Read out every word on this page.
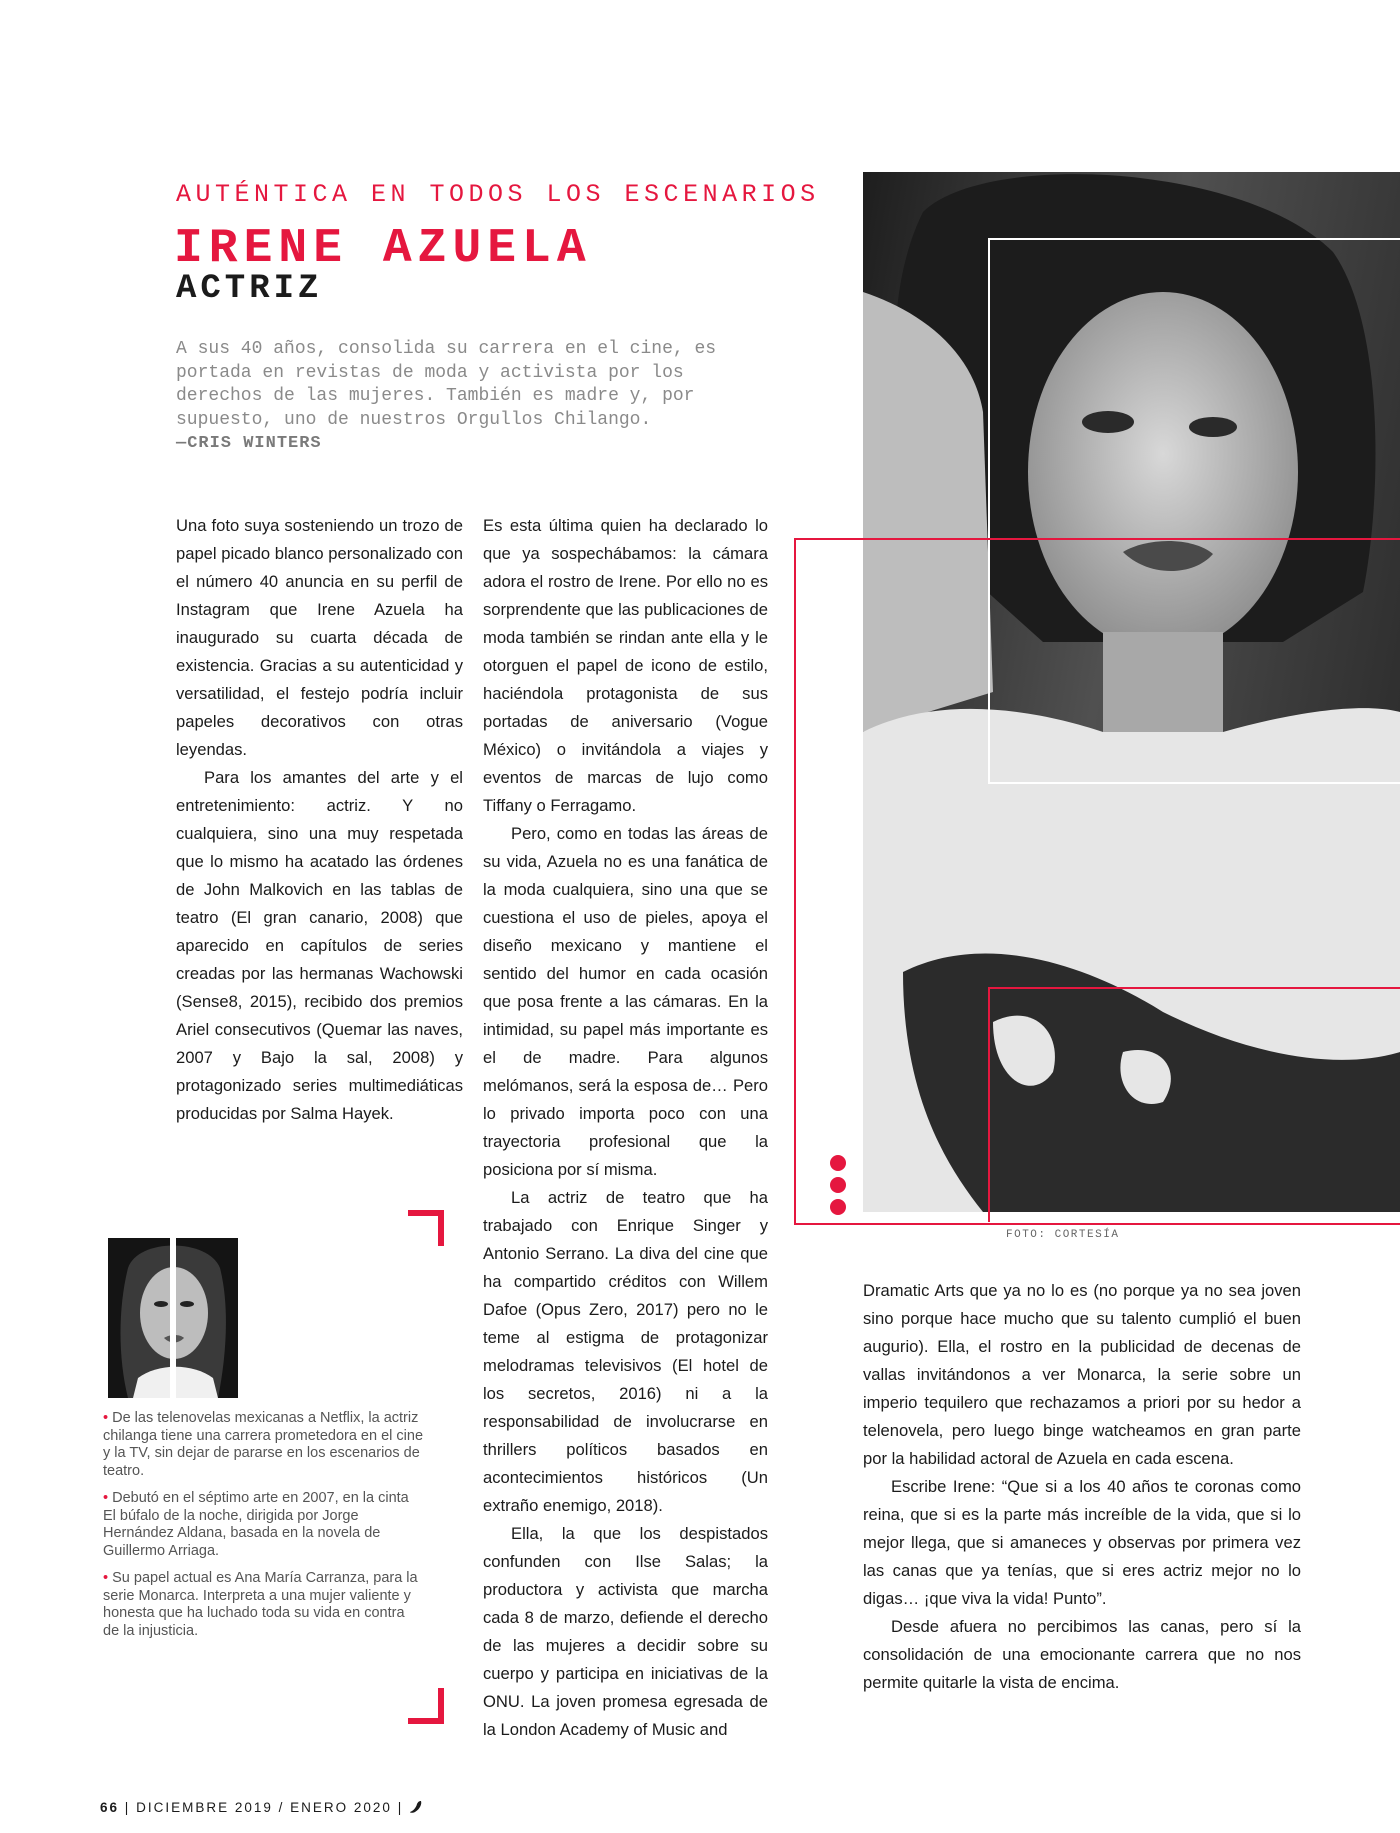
AUTÉNTICA EN TODOS LOS ESCENARIOS
IRENE AZUELA
ACTRIZ

A sus 40 años, consolida su carrera en el cine, es portada en revistas de moda y activista por los derechos de las mujeres. También es madre y, por supuesto, uno de nuestros Orgullos Chilango.

—CRIS WINTERS

Una foto suya sosteniendo un trozo de papel picado blanco personalizado con el número 40 anuncia en su perfil de Instagram que Irene Azuela ha inaugurado su cuarta década de existencia. Gracias a su autenticidad y versatilidad, el festejo podría incluir papeles decorativos con otras leyendas.

Para los amantes del arte y el entretenimiento: actriz. Y no cualquiera, sino una muy respetada que lo mismo ha acatado las órdenes de John Malkovich en las tablas de teatro (El gran canario, 2008) que aparecido en capítulos de series creadas por las hermanas Wachowski (Sense8, 2015), recibido dos premios Ariel consecutivos (Quemar las naves, 2007 y Bajo la sal, 2008) y protagonizado series multimediáticas producidas por Salma Hayek.

Es esta última quien ha declarado lo que ya sospechábamos: la cámara adora el rostro de Irene. Por ello no es sorprendente que las publicaciones de moda también se rindan ante ella y le otorguen el papel de icono de estilo, haciéndola protagonista de sus portadas de aniversario (Vogue México) o invitándola a viajes y eventos de marcas de lujo como Tiffany o Ferragamo.

Pero, como en todas las áreas de su vida, Azuela no es una fanática de la moda cualquiera, sino una que se cuestiona el uso de pieles, apoya el diseño mexicano y mantiene el sentido del humor en cada ocasión que posa frente a las cámaras. En la intimidad, su papel más importante es el de madre. Para algunos melómanos, será la esposa de… Pero lo privado importa poco con una trayectoria profesional que la posiciona por sí misma.

La actriz de teatro que ha trabajado con Enrique Singer y Antonio Serrano. La diva del cine que ha compartido créditos con Willem Dafoe (Opus Zero, 2017) pero no le teme al estigma de protagonizar melodramas televisivos (El hotel de los secretos, 2016) ni a la responsabilidad de involucrarse en thrillers políticos basados en acontecimientos históricos (Un extraño enemigo, 2018).

Ella, la que los despistados confunden con Ilse Salas; la productora y activista que marcha cada 8 de marzo, defiende el derecho de las mujeres a decidir sobre su cuerpo y participa en iniciativas de la ONU. La joven promesa egresada de la London Academy of Music and

FOTO: CORTESÍA

Dramatic Arts que ya no lo es (no porque ya no sea joven sino porque hace mucho que su talento cumplió el buen augurio). Ella, el rostro en la publicidad de decenas de vallas invitándonos a ver Monarca, la serie sobre un imperio tequilero que rechazamos a priori por su hedor a telenovela, pero luego binge watcheamos en gran parte por la habilidad actoral de Azuela en cada escena.

Escribe Irene: “Que si a los 40 años te coronas como reina, que si es la parte más increíble de la vida, que si lo mejor llega, que si amaneces y observas por primera vez las canas que ya tenías, que si eres actriz mejor no lo digas… ¡que viva la vida! Punto”.

Desde afuera no percibimos las canas, pero sí la consolidación de una emocionante carrera que no nos permite quitarle la vista de encima.

• De las telenovelas mexicanas a Netflix, la actriz chilanga tiene una carrera prometedora en el cine y la TV, sin dejar de pararse en los escenarios de teatro.

• Debutó en el séptimo arte en 2007, en la cinta El búfalo de la noche, dirigida por Jorge Hernández Aldana, basada en la novela de Guillermo Arriaga.

• Su papel actual es Ana María Carranza, para la serie Monarca. Interpreta a una mujer valiente y honesta que ha luchado toda su vida en contra de la injusticia.

66 | DICIEMBRE 2019 / ENERO 2020 |
